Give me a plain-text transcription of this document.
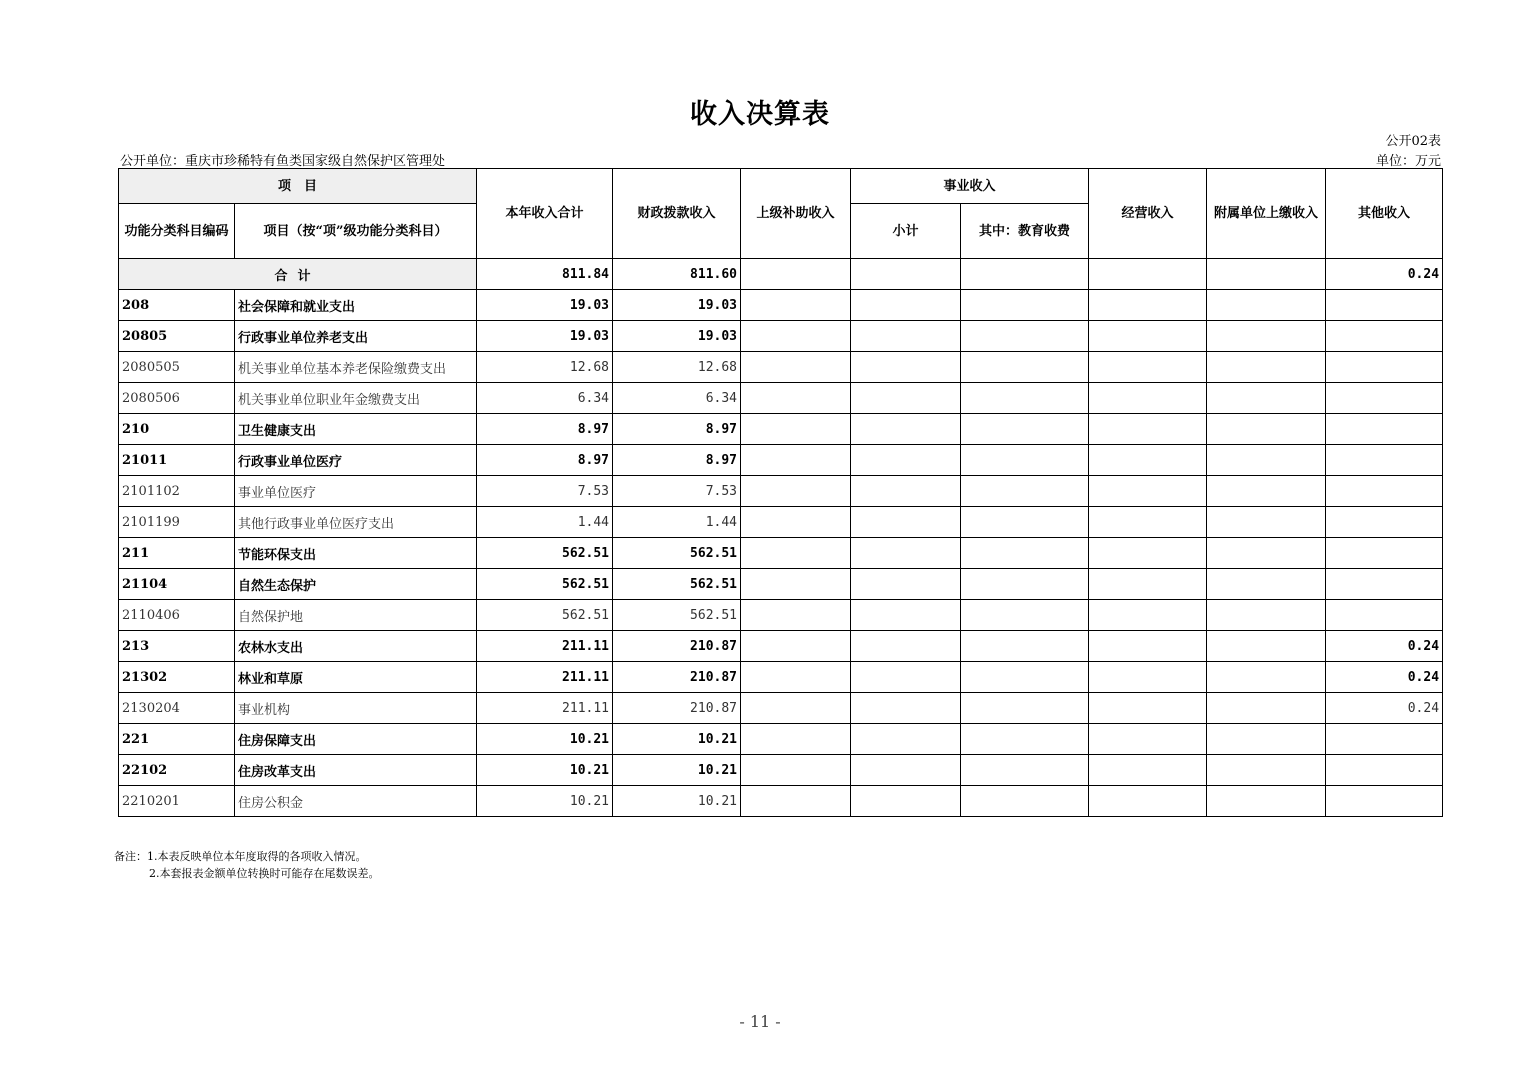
收入决算表
公开02表
公开单位：重庆市珍稀特有鱼类国家级自然保护区管理处	单位：万元
项　目		本年收入合计	财政拨款收入	上级补助收入	事业收入		经营收入	附属单位上缴收入	其他收入
功能分类科目编码	项目（按“项”级功能分类科目）				小计	其中：教育收费			
合计		811.84	811.60						0.24
208	社会保障和就业支出	19.03	19.03						
20805	行政事业单位养老支出	19.03	19.03						
2080505	机关事业单位基本养老保险缴费支出	12.68	12.68						
2080506	机关事业单位职业年金缴费支出	6.34	6.34						
210	卫生健康支出	8.97	8.97						
21011	行政事业单位医疗	8.97	8.97						
2101102	事业单位医疗	7.53	7.53						
2101199	其他行政事业单位医疗支出	1.44	1.44						
211	节能环保支出	562.51	562.51						
21104	自然生态保护	562.51	562.51						
2110406	自然保护地	562.51	562.51						
213	农林水支出	211.11	210.87						0.24
21302	林业和草原	211.11	210.87						0.24
2130204	事业机构	211.11	210.87						0.24
221	住房保障支出	10.21	10.21						
22102	住房改革支出	10.21	10.21						
2210201	住房公积金	10.21	10.21						
备注：1.本表反映单位本年度取得的各项收入情况。
2.本套报表金额单位转换时可能存在尾数误差。
- 11 -
